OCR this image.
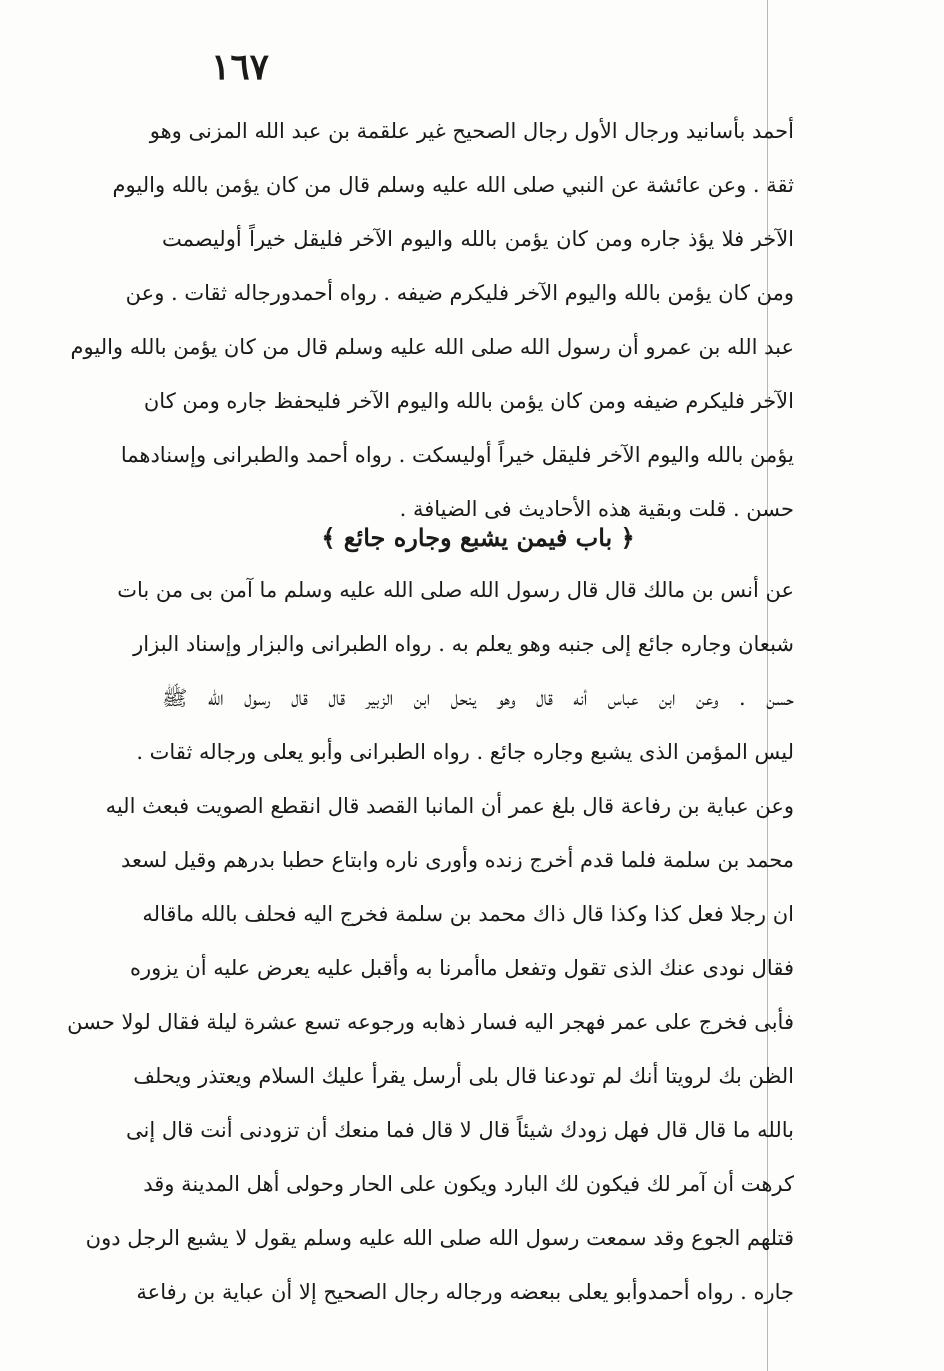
١٦٧
أحمد بأسانيد ورجال الأول رجال الصحيح غير علقمة بن عبد الله المزنى وهو
ثقة . وعن عائشة عن النبي صلى الله عليه وسلم قال من كان يؤمن بالله واليوم
الآخر فلا يؤذ جاره ومن كان يؤمن بالله واليوم الآخر فليقل خيراً أوليصمت
ومن كان يؤمن بالله واليوم الآخر فليكرم ضيفه . رواه أحمدورجاله ثقات . وعن
عبد الله بن عمرو أن رسول الله صلى الله عليه وسلم قال من كان يؤمن بالله واليوم
الآخر فليكرم ضيفه ومن كان يؤمن بالله واليوم الآخر فليحفظ جاره ومن كان
يؤمن بالله واليوم الآخر فليقل خيراً أوليسكت . رواه أحمد والطبرانى وإسنادهما
حسن . قلت وبقية هذه الأحاديث فى الضيافة .
﴿ باب فيمن يشبع وجاره جائع ﴾
عن أنس بن مالك قال قال رسول الله صلى الله عليه وسلم ما آمن بى من بات
شبعان وجاره جائع إلى جنبه وهو يعلم به . رواه الطبرانى والبزار وإسناد البزار
حسن . وعن ابن عباس أنه قال وهو ينحل ابن الزبير قال قال رسول الله ﷺ
ليس المؤمن الذى يشبع وجاره جائع . رواه الطبرانى وأبو يعلى ورجاله ثقات .
وعن عباية بن رفاعة قال بلغ عمر أن المانبا القصد قال انقطع الصويت فبعث اليه
محمد بن سلمة فلما قدم أخرج زنده وأورى ناره وابتاع حطبا بدرهم وقيل لسعد
ان رجلا فعل كذا وكذا قال ذاك محمد بن سلمة فخرج اليه فحلف بالله ماقاله
فقال نودى عنك الذى تقول وتفعل ماأمرنا به وأقبل عليه يعرض عليه أن يزوره
فأبى فخرج على عمر فهجر اليه فسار ذهابه ورجوعه تسع عشرة ليلة فقال لولا حسن
الظن بك لرويتا أنك لم تودعنا قال بلى أرسل يقرأ عليك السلام ويعتذر ويحلف
بالله ما قال قال فهل زودك شيئاً قال لا قال فما منعك أن تزودنى أنت قال إنى
كرهت أن آمر لك فيكون لك البارد ويكون على الحار وحولى أهل المدينة وقد
قتلهم الجوع وقد سمعت رسول الله صلى الله عليه وسلم يقول لا يشبع الرجل دون
جاره . رواه أحمدوأبو يعلى ببعضه ورجاله رجال الصحيح إلا أن عباية بن رفاعة
